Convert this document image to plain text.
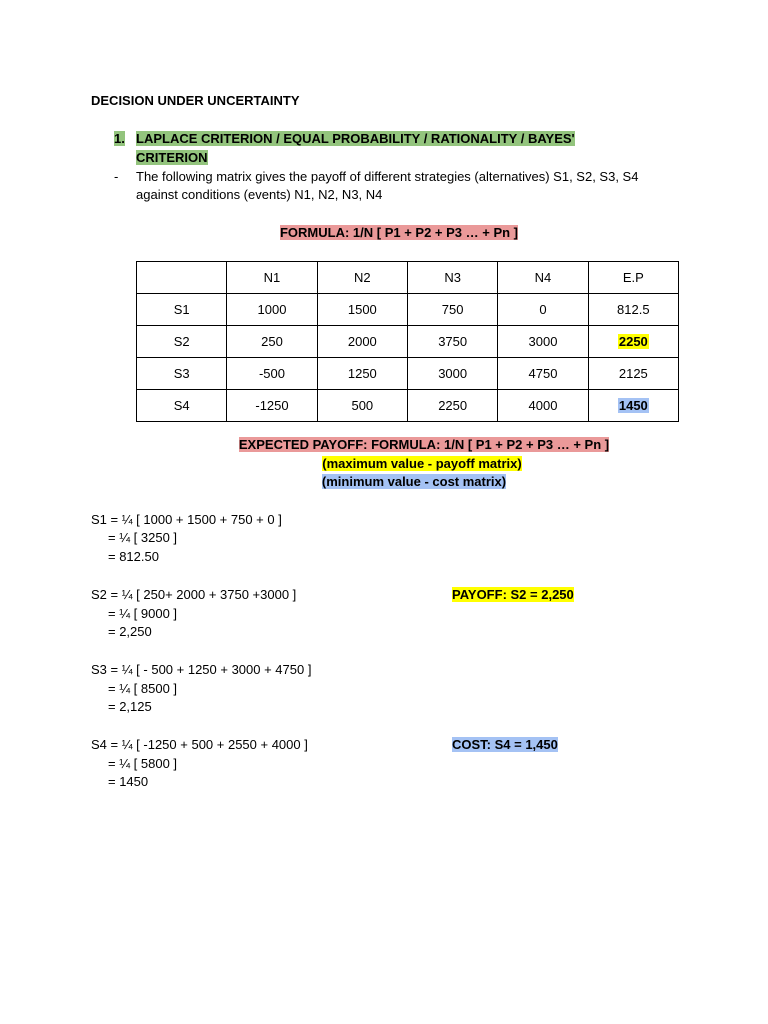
DECISION UNDER UNCERTAINTY
1. LAPLACE CRITERION / EQUAL PROBABILITY / RATIONALITY / BAYES'
CRITERION
- The following matrix gives the payoff of different strategies (alternatives) S1, S2, S3, S4
against conditions (events) N1, N2, N3, N4
FORMULA: 1/N [ P1 + P2 + P3 … + Pn ]
	N1	N2	N3	N4	E.P
S1	1000	1500	750	0	812.5
S2	250	2000	3750	3000	2250
S3	-500	1250	3000	4750	2125
S4	-1250	500	2250	4000	1450
EXPECTED PAYOFF: FORMULA: 1/N [ P1 + P2 + P3 … + Pn ]
(maximum value - payoff matrix)
(minimum value - cost matrix)
S1 = ¼ [ 1000 + 1500 + 750 + 0 ]
= ¼ [ 3250 ]
= 812.50
S2 = ¼ [ 250+ 2000 + 3750 +3000 ]
= ¼ [ 9000 ]
= 2,250
S3 = ¼ [ - 500 + 1250 + 3000 + 4750 ]
= ¼ [ 8500 ]
= 2,125
S4 = ¼ [ -1250 + 500 + 2550 + 4000 ]
= ¼ [ 5800 ]
= 1450
PAYOFF: S2 = 2,250
COST: S4 = 1,450
